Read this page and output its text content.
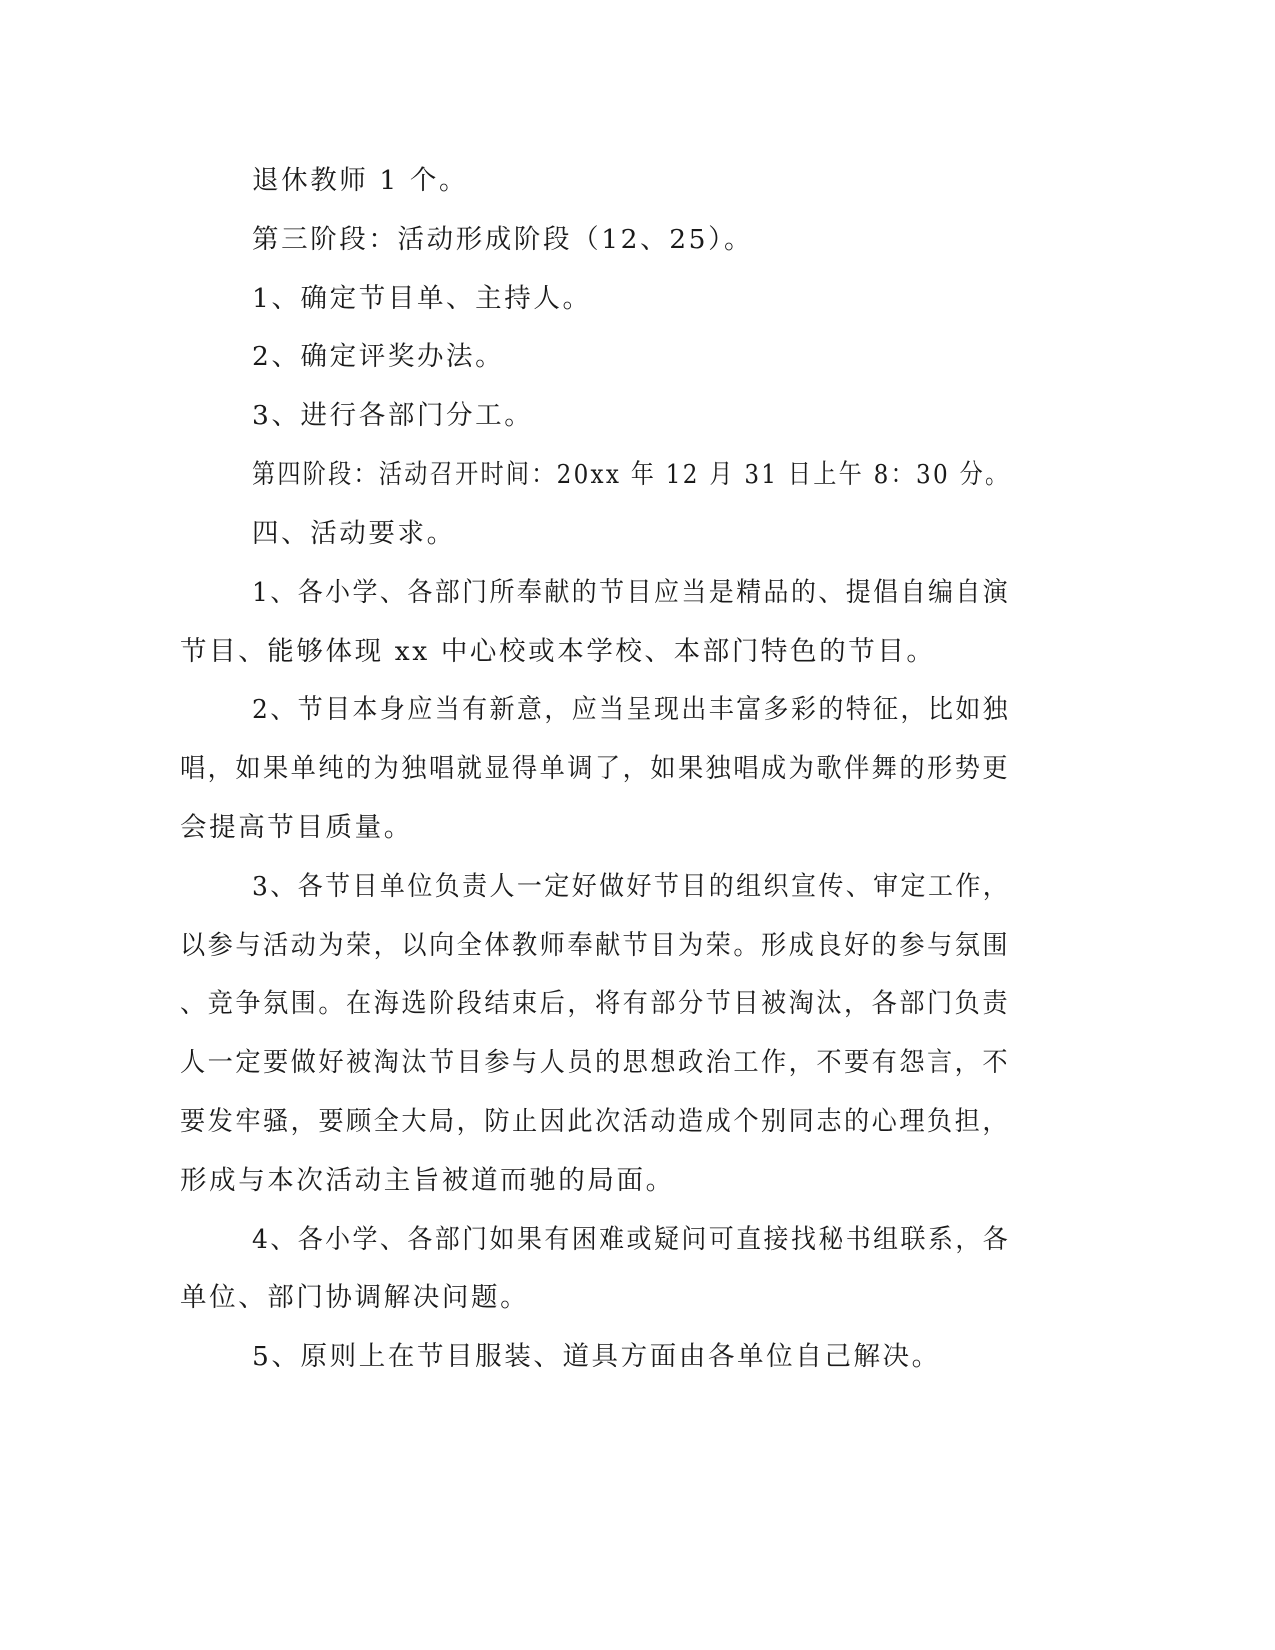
退休教师 1 个。
第三阶段：活动形成阶段（12、25）。
1、确定节目单、主持人。
2、确定评奖办法。
3、进行各部门分工。
第四阶段：活动召开时间：20xx 年 12 月 31 日上午 8：30 分。
四、活动要求。
1、各小学、各部门所奉献的节目应当是精品的、提倡自编自演
节目、能够体现 xx 中心校或本学校、本部门特色的节目。
2、节目本身应当有新意，应当呈现出丰富多彩的特征，比如独
唱，如果单纯的为独唱就显得单调了，如果独唱成为歌伴舞的形势更
会提高节目质量。
3、各节目单位负责人一定好做好节目的组织宣传、审定工作，
以参与活动为荣，以向全体教师奉献节目为荣。形成良好的参与氛围
、竞争氛围。在海选阶段结束后，将有部分节目被淘汰，各部门负责
人一定要做好被淘汰节目参与人员的思想政治工作，不要有怨言，不
要发牢骚，要顾全大局，防止因此次活动造成个别同志的心理负担，
形成与本次活动主旨被道而驰的局面。
4、各小学、各部门如果有困难或疑问可直接找秘书组联系，各
单位、部门协调解决问题。
5、原则上在节目服装、道具方面由各单位自己解决。
